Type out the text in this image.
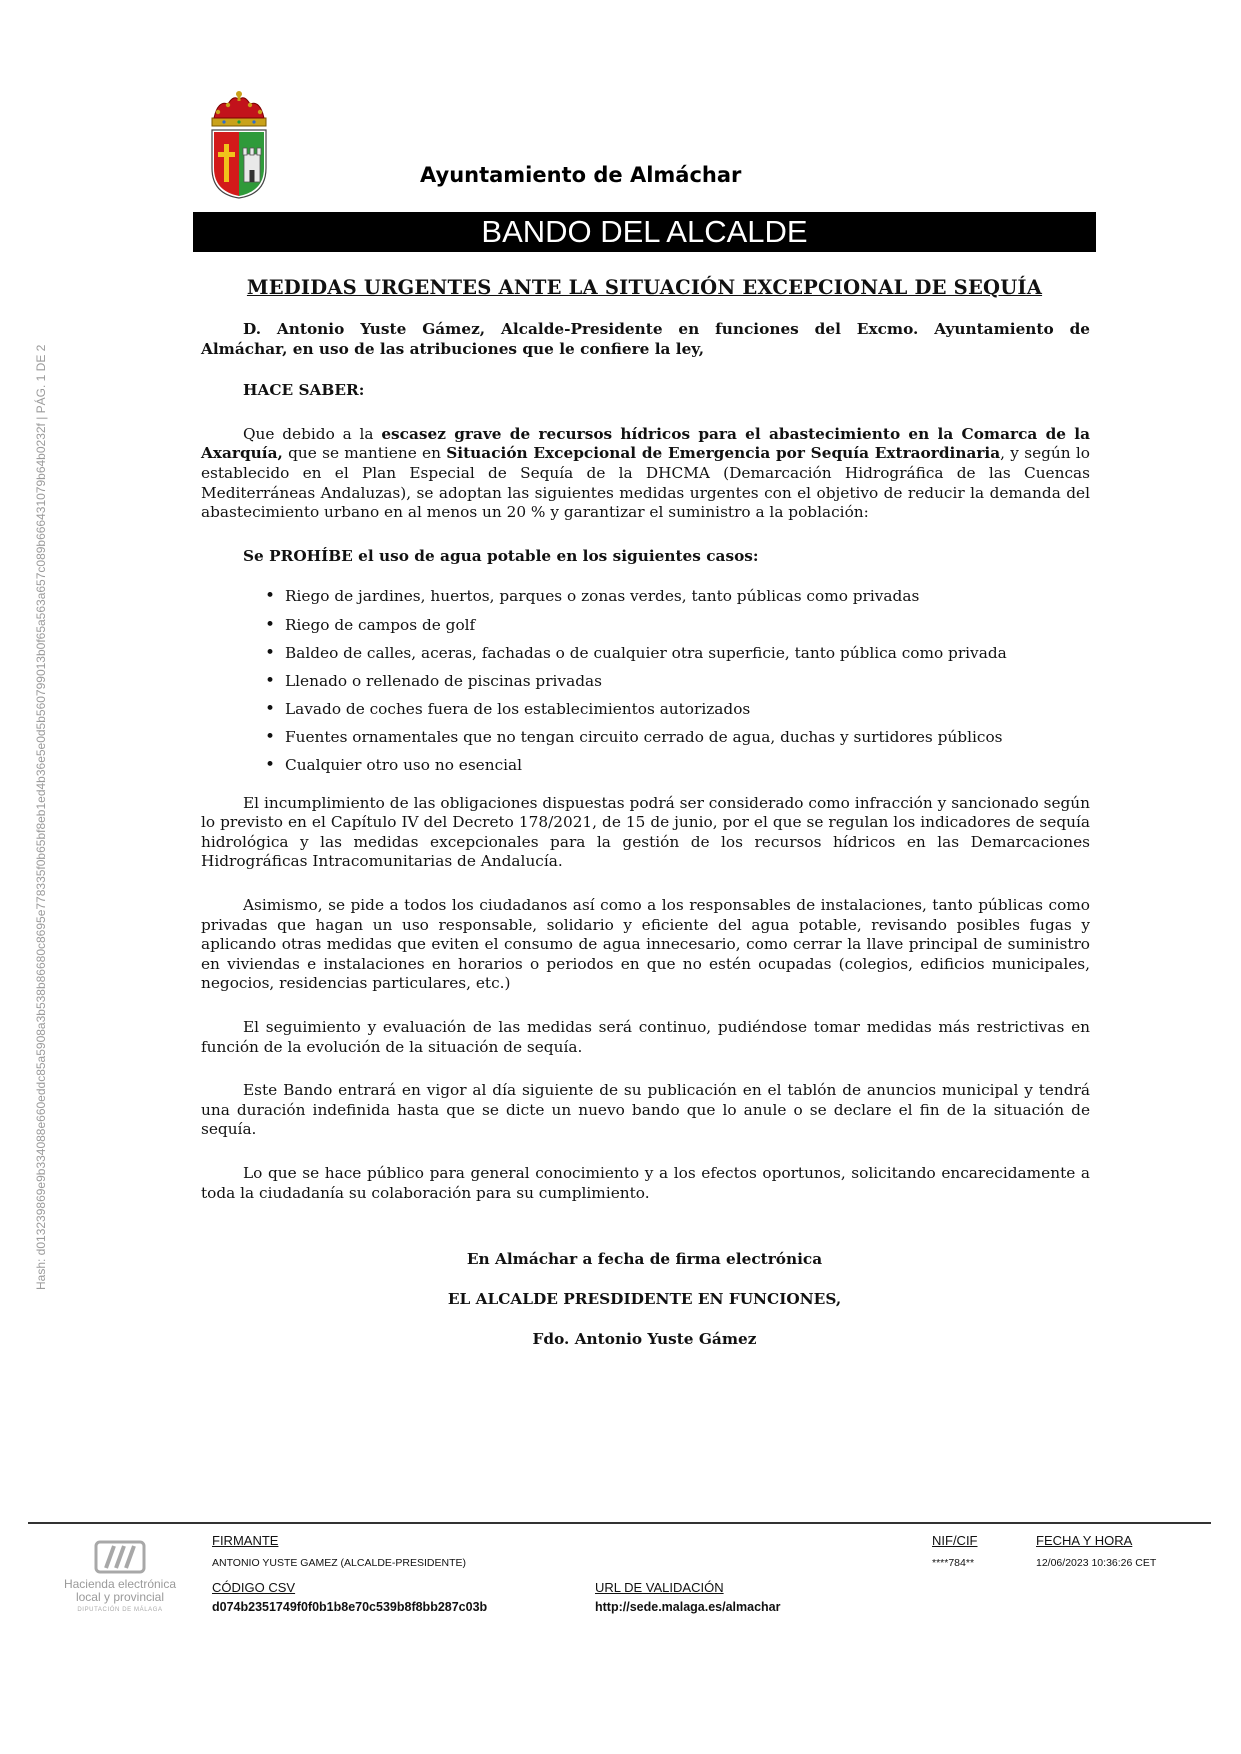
Hash: d0132398​69e9b33408​8e660eddc8​5a5908a3b5​38b86680c8​695e778335​f0b65bf8eb​1ed4b36e5e​0d5b560799​013b0f65a5​63a657c089​b6664310​79b64b0232f | PÁG. 1 DE 2
Ayuntamiento de Almáchar
BANDO DEL ALCALDE
MEDIDAS URGENTES ANTE LA SITUACIÓN EXCEPCIONAL DE SEQUÍA

D. Antonio Yuste Gámez, Alcalde-Presidente en funciones del Excmo. Ayuntamiento de

Almáchar, en uso de las atribuciones que le confiere la ley,

HACE SABER:

Que debido a la escasez grave de recursos hídricos para el abastecimiento en la Comarca de la Axarquía, que se mantiene en Situación Excepcional de Emergencia por Sequía Extraordinaria, y según lo establecido en el Plan Especial de Sequía de la DHCMA (Demarcación Hidrográfica de las Cuencas Mediterráneas Andaluzas), se adoptan las siguientes medidas urgentes con el objetivo de reducir la demanda del abastecimiento urbano en al menos un 20 % y garantizar el suministro a la población:

Se PROHÍBE el uso de agua potable en los siguientes casos:

• Riego de jardines, huertos, parques o zonas verdes, tanto públicas como privadas
• Riego de campos de golf
• Baldeo de calles, aceras, fachadas o de cualquier otra superficie, tanto pública como privada
• Llenado o rellenado de piscinas privadas
• Lavado de coches fuera de los establecimientos autorizados
• Fuentes ornamentales que no tengan circuito cerrado de agua, duchas y surtidores públicos
• Cualquier otro uso no esencial

El incumplimiento de las obligaciones dispuestas podrá ser considerado como infracción y sancionado según lo previsto en el Capítulo IV del Decreto 178/2021, de 15 de junio, por el que se regulan los indicadores de sequía hidrológica y las medidas excepcionales para la gestión de los recursos hídricos en las Demarcaciones Hidrográficas Intracomunitarias de Andalucía.

Asimismo, se pide a todos los ciudadanos así como a los responsables de instalaciones, tanto públicas como privadas que hagan un uso responsable, solidario y eficiente del agua potable, revisando posibles fugas y aplicando otras medidas que eviten el consumo de agua innecesario, como cerrar la llave principal de suministro en viviendas e instalaciones en horarios o periodos en que no estén ocupadas (colegios, edificios municipales, negocios, residencias particulares, etc.)

El seguimiento y evaluación de las medidas será continuo, pudiéndose tomar medidas más restrictivas en función de la evolución de la situación de sequía.

Este Bando entrará en vigor al día siguiente de su publicación en el tablón de anuncios municipal y tendrá una duración indefinida hasta que se dicte un nuevo bando que lo anule o se declare el fin de la situación de sequía.

Lo que se hace público para general conocimiento y a los efectos oportunos, solicitando encarecidamente a toda la ciudadanía su colaboración para su cumplimiento.

En Almáchar a fecha de firma electrónica
EL ALCALDE PRESDIDENTE EN FUNCIONES,
Fdo. Antonio Yuste Gámez
Hacienda electrónica
local y provincial
DIPUTACIÓN DE MÁLAGA
FIRMANTE
ANTONIO YUSTE GAMEZ (ALCALDE-PRESIDENTE)
NIF/CIF
****784**
FECHA Y HORA
12/06/2023 10:36:26 CET
CÓDIGO CSV
d074b2351749f0f0b1b8e70c539b8f8bb287c03b
URL DE VALIDACIÓN
http://sede.malaga.es/almachar
